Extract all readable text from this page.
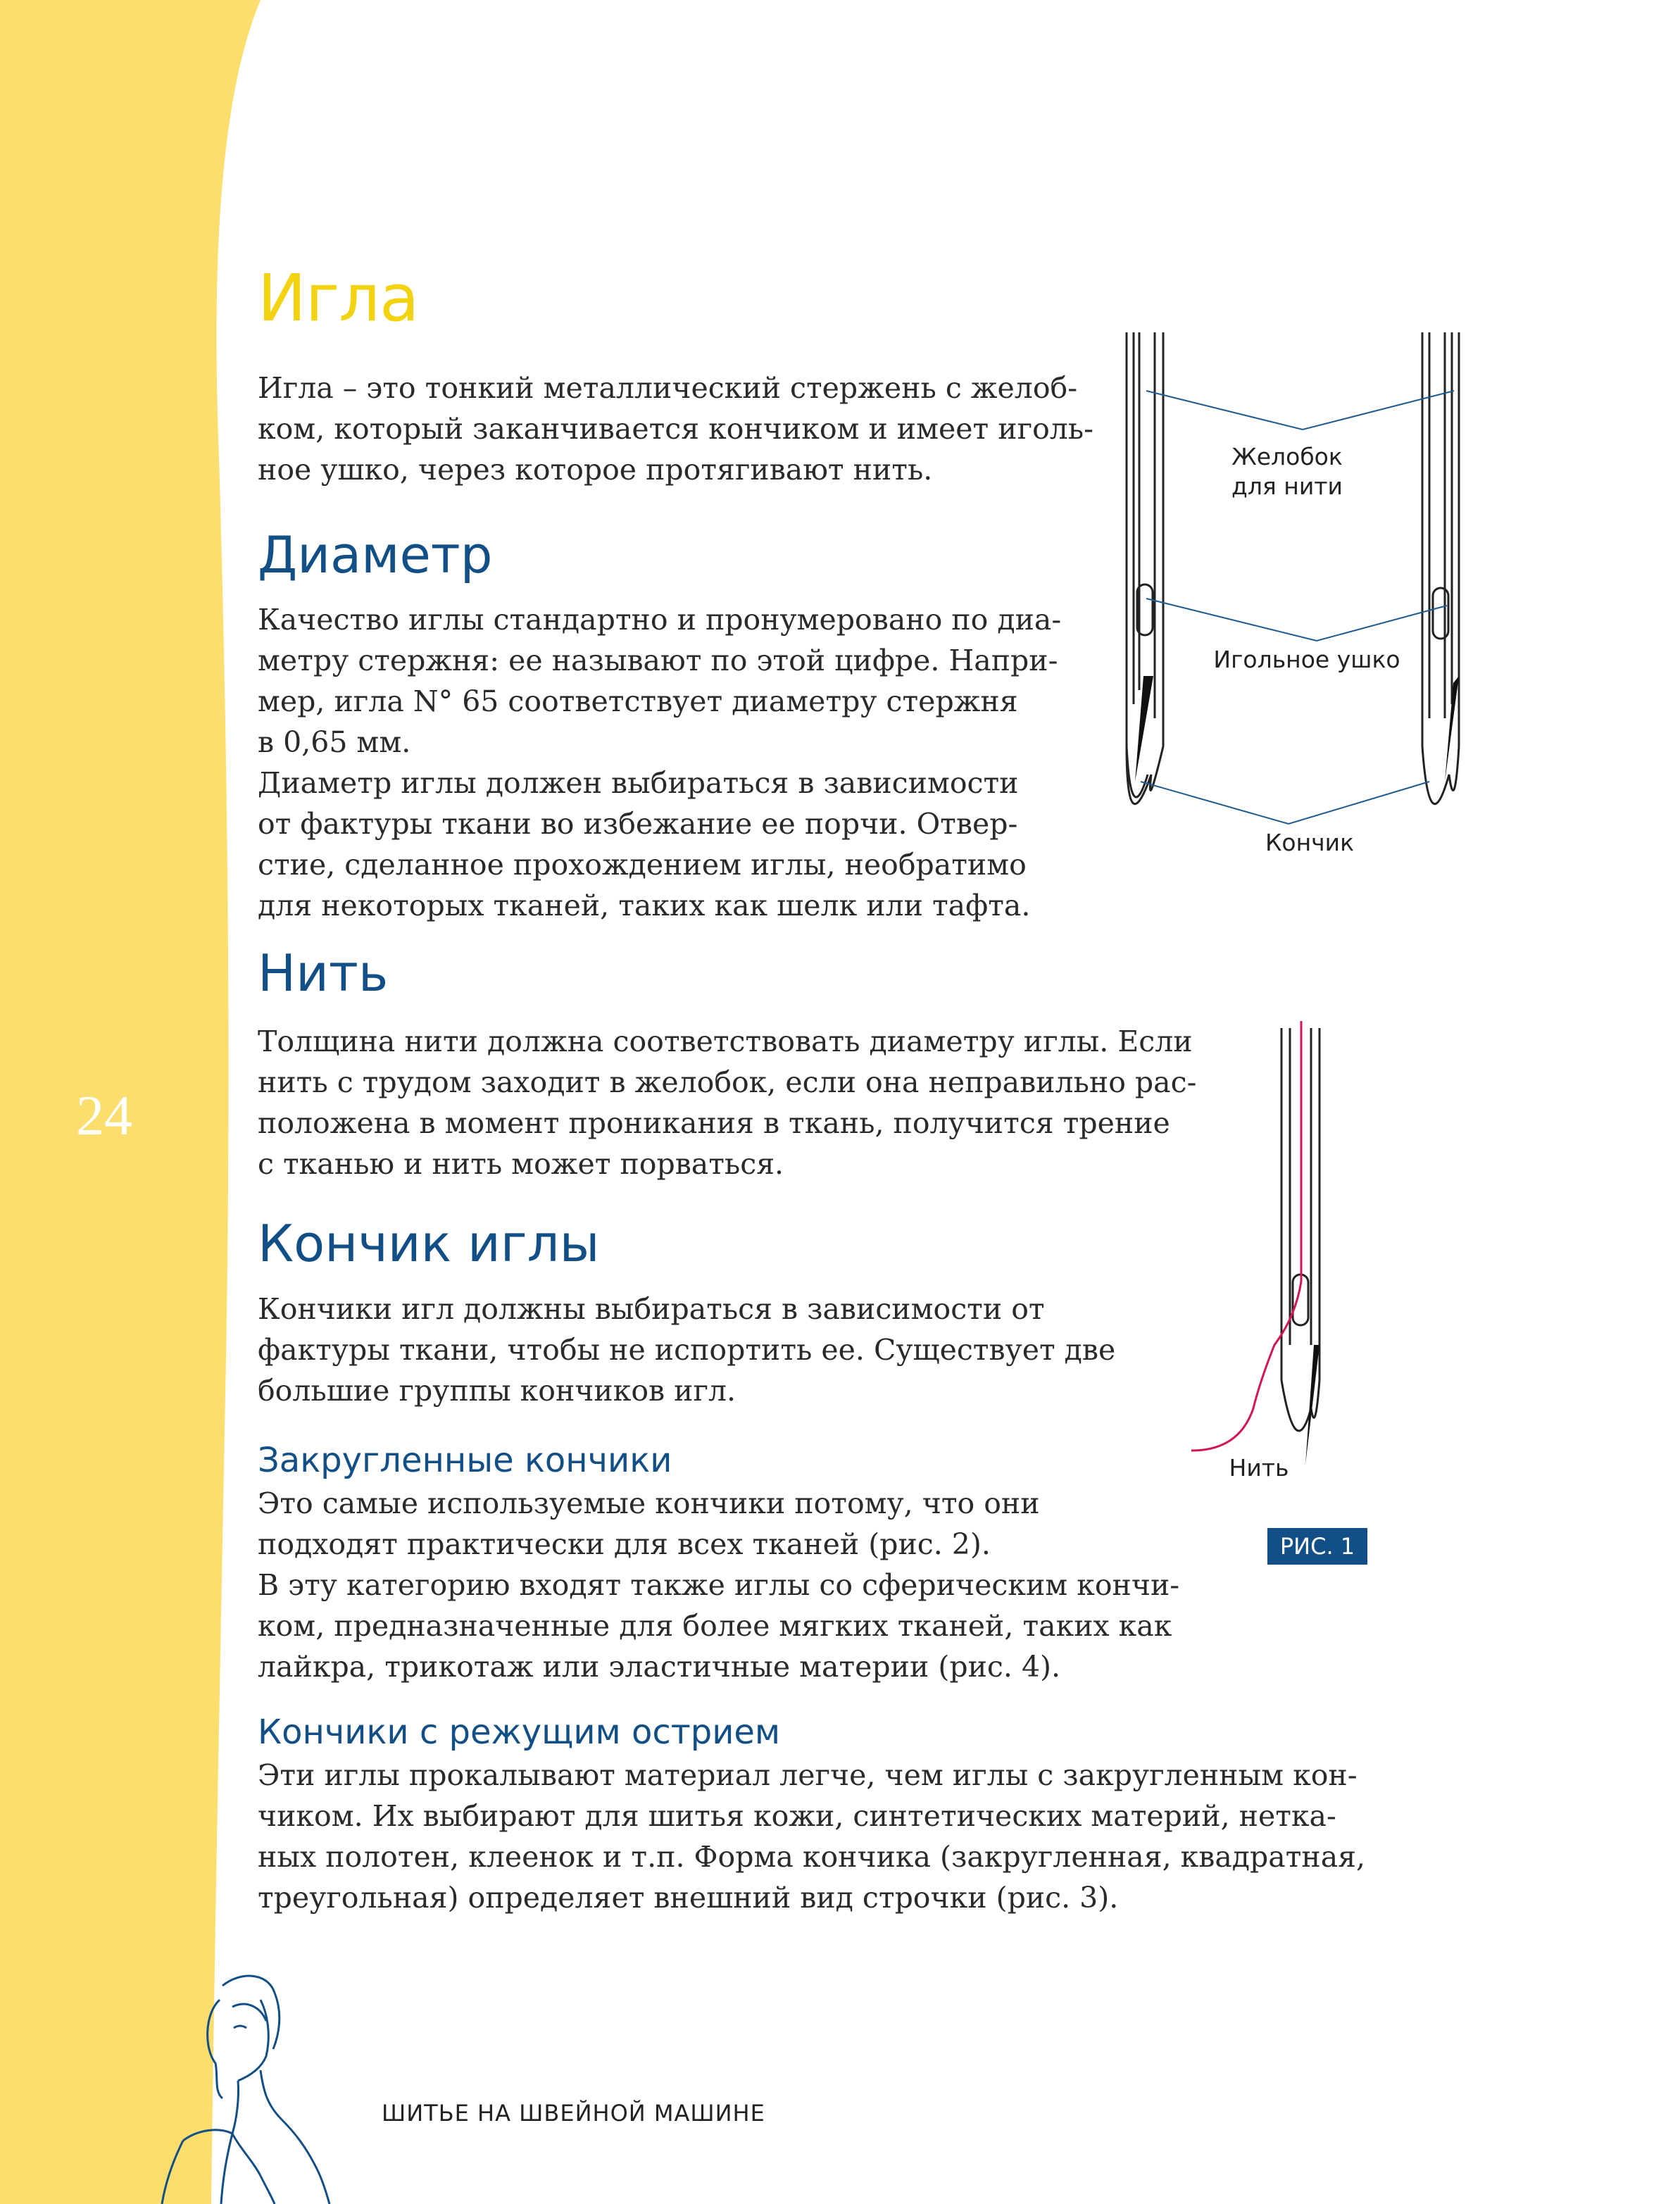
24
Игла

Игла – это тонкий металлический стержень с желоб-

ком, который заканчивается кончиком и имеет иголь-

ное ушко, через которое протягивают нить.

Диаметр

Качество иглы стандартно и пронумеровано по диа-

метру стержня: ее называют по этой цифре. Напри-

мер, игла N° 65 соответствует диаметру стержня

в 0,65 мм.

Диаметр иглы должен выбираться в зависимости

от фактуры ткани во избежание ее порчи. Отвер-

стие, сделанное прохождением иглы, необратимо

для некоторых тканей, таких как шелк или тафта.

Нить

Толщина нити должна соответствовать диаметру иглы. Если

нить с трудом заходит в желобок, если она неправильно рас-

положена в момент проникания в ткань, получится трение

с тканью и нить может порваться.

Кончик иглы

Кончики игл должны выбираться в зависимости от

фактуры ткани, чтобы не испортить ее. Существует две

большие группы кончиков игл.

Закругленные кончики

Это самые используемые кончики потому, что они

подходят практически для всех тканей (рис. 2).

В эту категорию входят также иглы со сферическим кончи-

ком, предназначенные для более мягких тканей, таких как

лайкра, трикотаж или эластичные материи (рис. 4).

Кончики с режущим острием

Эти иглы прокалывают материал легче, чем иглы с закругленным кон-

чиком. Их выбирают для шитья кожи, синтетических материй, нетка-

ных полотен, клеенок и т.п. Форма кончика (закругленная, квадратная,

треугольная) определяет внешний вид строчки (рис. 3).

Желобок
для нити
Игольное ушко
Кончик
Нить
РИС. 1
ШИТЬЕ НА ШВЕЙНОЙ МАШИНЕ
